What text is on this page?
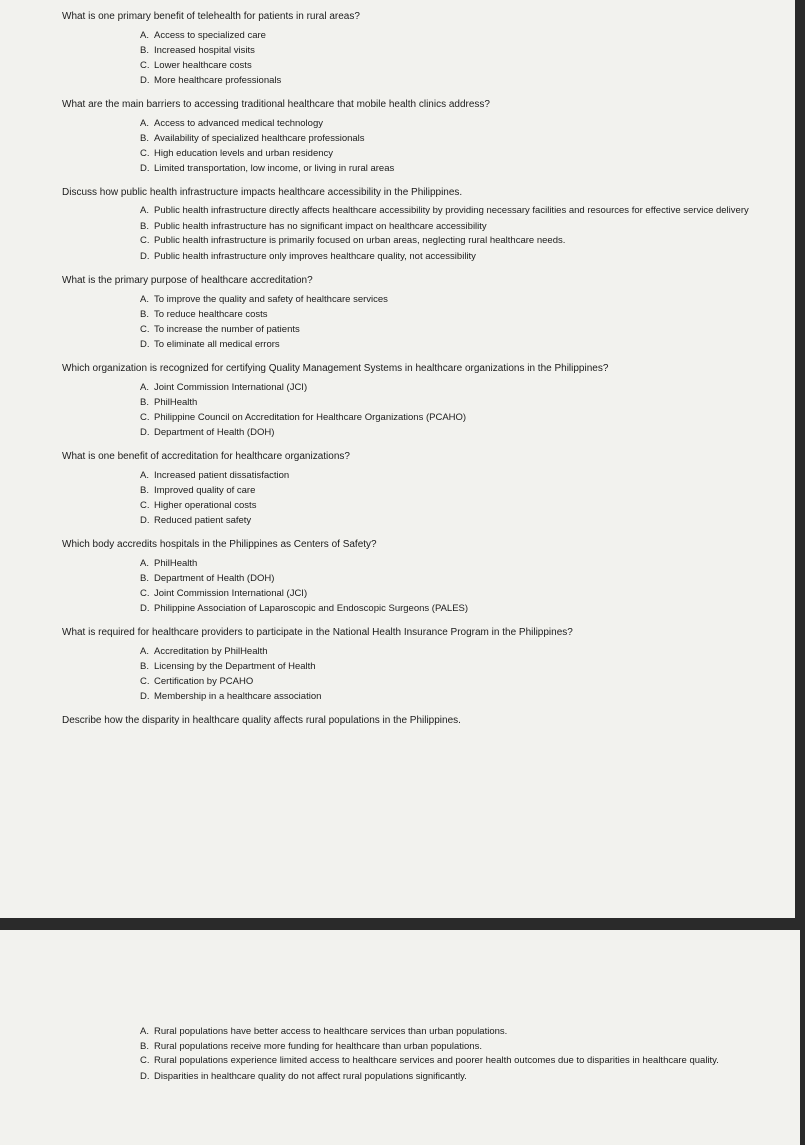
What is one primary benefit of telehealth for patients in rural areas?
A. Access to specialized care
B. Increased hospital visits
C. Lower healthcare costs
D. More healthcare professionals
What are the main barriers to accessing traditional healthcare that mobile health clinics address?
A. Access to advanced medical technology
B. Availability of specialized healthcare professionals
C. High education levels and urban residency
D. Limited transportation, low income, or living in rural areas
Discuss how public health infrastructure impacts healthcare accessibility in the Philippines.
A. Public health infrastructure directly affects healthcare accessibility by providing necessary facilities and resources for effective service delivery
B. Public health infrastructure has no significant impact on healthcare accessibility
C. Public health infrastructure is primarily focused on urban areas, neglecting rural healthcare needs.
D. Public health infrastructure only improves healthcare quality, not accessibility
What is the primary purpose of healthcare accreditation?
A. To improve the quality and safety of healthcare services
B. To reduce healthcare costs
C. To increase the number of patients
D. To eliminate all medical errors
Which organization is recognized for certifying Quality Management Systems in healthcare organizations in the Philippines?
A. Joint Commission International (JCI)
B. PhilHealth
C. Philippine Council on Accreditation for Healthcare Organizations (PCAHO)
D. Department of Health (DOH)
What is one benefit of accreditation for healthcare organizations?
A. Increased patient dissatisfaction
B. Improved quality of care
C. Higher operational costs
D. Reduced patient safety
Which body accredits hospitals in the Philippines as Centers of Safety?
A. PhilHealth
B. Department of Health (DOH)
C. Joint Commission International (JCI)
D. Philippine Association of Laparoscopic and Endoscopic Surgeons (PALES)
What is required for healthcare providers to participate in the National Health Insurance Program in the Philippines?
A. Accreditation by PhilHealth
B. Licensing by the Department of Health
C. Certification by PCAHO
D. Membership in a healthcare association
Describe how the disparity in healthcare quality affects rural populations in the Philippines.
A. Rural populations have better access to healthcare services than urban populations.
B. Rural populations receive more funding for healthcare than urban populations.
C. Rural populations experience limited access to healthcare services and poorer health outcomes due to disparities in healthcare quality.
D. Disparities in healthcare quality do not affect rural populations significantly.
